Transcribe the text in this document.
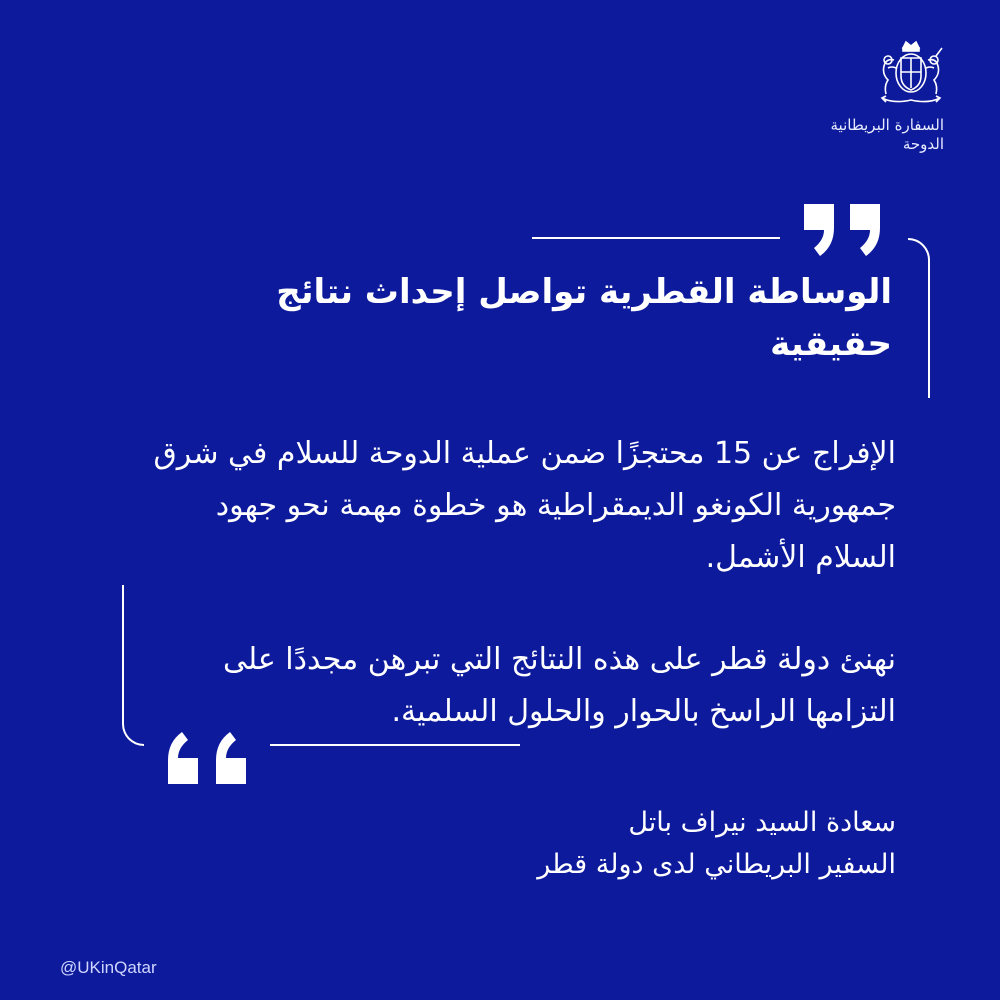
السفارة البريطانية
الدوحة
الوساطة القطرية تواصل إحداث نتائج حقيقية
الإفراج عن 15 محتجزًا ضمن عملية الدوحة للسلام في شرق جمهورية الكونغو الديمقراطية هو خطوة مهمة نحو جهود السلام الأشمل.
نهنئ دولة قطر على هذه النتائج التي تبرهن مجددًا على التزامها الراسخ بالحوار والحلول السلمية.
سعادة السيد نيراف باتل
السفير البريطاني لدى دولة قطر
@UKinQatar
